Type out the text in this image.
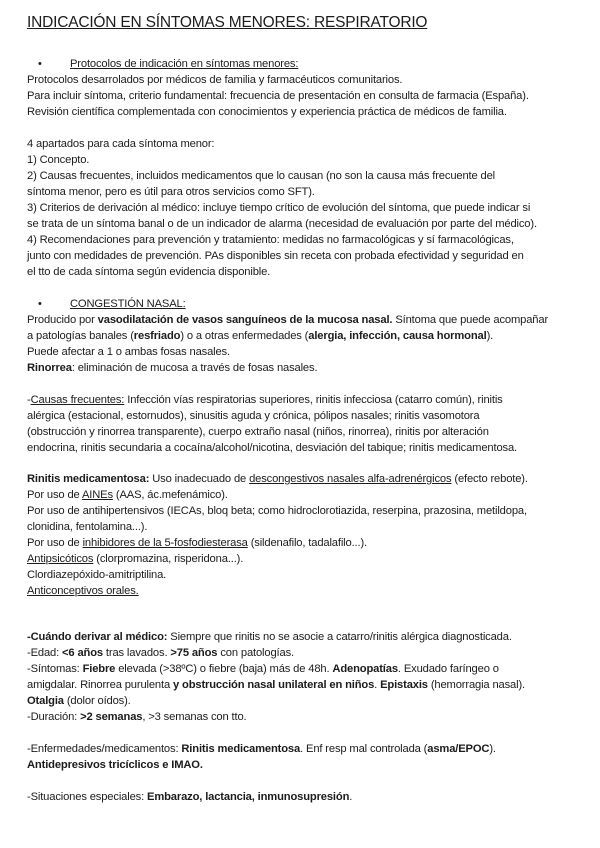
INDICACIÓN EN SÍNTOMAS MENORES: RESPIRATORIO
•	Protocolos de indicación en síntomas menores:
Protocolos desarrolados por médicos de familia y farmacéuticos comunitarios.
Para incluir síntoma, criterio fundamental: frecuencia de presentación en consulta de farmacia (España).
Revisión científica complementada con conocimientos y experiencia práctica de médicos de familia.
4 apartados para cada síntoma menor:
1) Concepto.
2) Causas frecuentes, incluidos medicamentos que lo causan (no son la causa más frecuente del
síntoma menor, pero es útil para otros servicios como SFT).
3) Criterios de derivación al médico: incluye tiempo crítico de evolución del síntoma, que puede indicar si
se trata de un síntoma banal o de un indicador de alarma (necesidad de evaluación por parte del médico).
4) Recomendaciones para prevención y tratamiento: medidas no farmacológicas y sí farmacológicas,
junto con medidades de prevención. PAs disponibles sin receta con probada efectividad y seguridad en
el tto de cada síntoma según evidencia disponible.
•	CONGESTIÓN NASAL:
Producido por vasodilatación de vasos sanguíneos de la mucosa nasal. Síntoma que puede acompañar
a patologías banales (resfriado) o a otras enfermedades (alergia, infección, causa hormonal).
Puede afectar a 1 o ambas fosas nasales.
Rinorrea: eliminación de mucosa a través de fosas nasales.
-Causas frecuentes: Infección vías respiratorias superiores, rinitis infecciosa (catarro común), rinitis
alérgica (estacional, estornudos), sinusitis aguda y crónica, pólipos nasales; rinitis vasomotora
(obstrucción y rinorrea transparente), cuerpo extraño nasal (niños, rinorrea), rinitis por alteración
endocrina, rinitis secundaria a cocaína/alcohol/nicotina, desviación del tabique; rinitis medicamentosa.
Rinitis medicamentosa: Uso inadecuado de descongestivos nasales alfa-adrenérgicos (efecto rebote).
Por uso de AINEs (AAS, ác.mefenámico).
Por uso de antihipertensivos (IECAs, bloq beta; como hidroclorotiazida, reserpina, prazosina, metildopa,
clonidina, fentolamina...).
Por uso de inhibidores de la 5-fosfodiesterasa (sildenafilo, tadalafilo...).
Antipsicóticos (clorpromazina, risperidona...).
Clordiazepóxido-amitriptilina.
Anticonceptivos orales.
-Cuándo derivar al médico: Siempre que rinitis no se asocie a catarro/rinitis alérgica diagnosticada.
-Edad: <6 años tras lavados. >75 años con patologías.
-Síntomas: Fiebre elevada (>38ºC) o fiebre (baja) más de 48h. Adenopatías. Exudado faríngeo o
amigdalar. Rinorrea purulenta y obstrucción nasal unilateral en niños. Epistaxis (hemorragia nasal).
Otalgia (dolor oídos).
-Duración: >2 semanas, >3 semanas con tto.
-Enfermedades/medicamentos: Rinitis medicamentosa. Enf resp mal controlada (asma/EPOC).
Antidepresivos tricíclicos e IMAO.
-Situaciones especiales: Embarazo, lactancia, inmunosupresión.
